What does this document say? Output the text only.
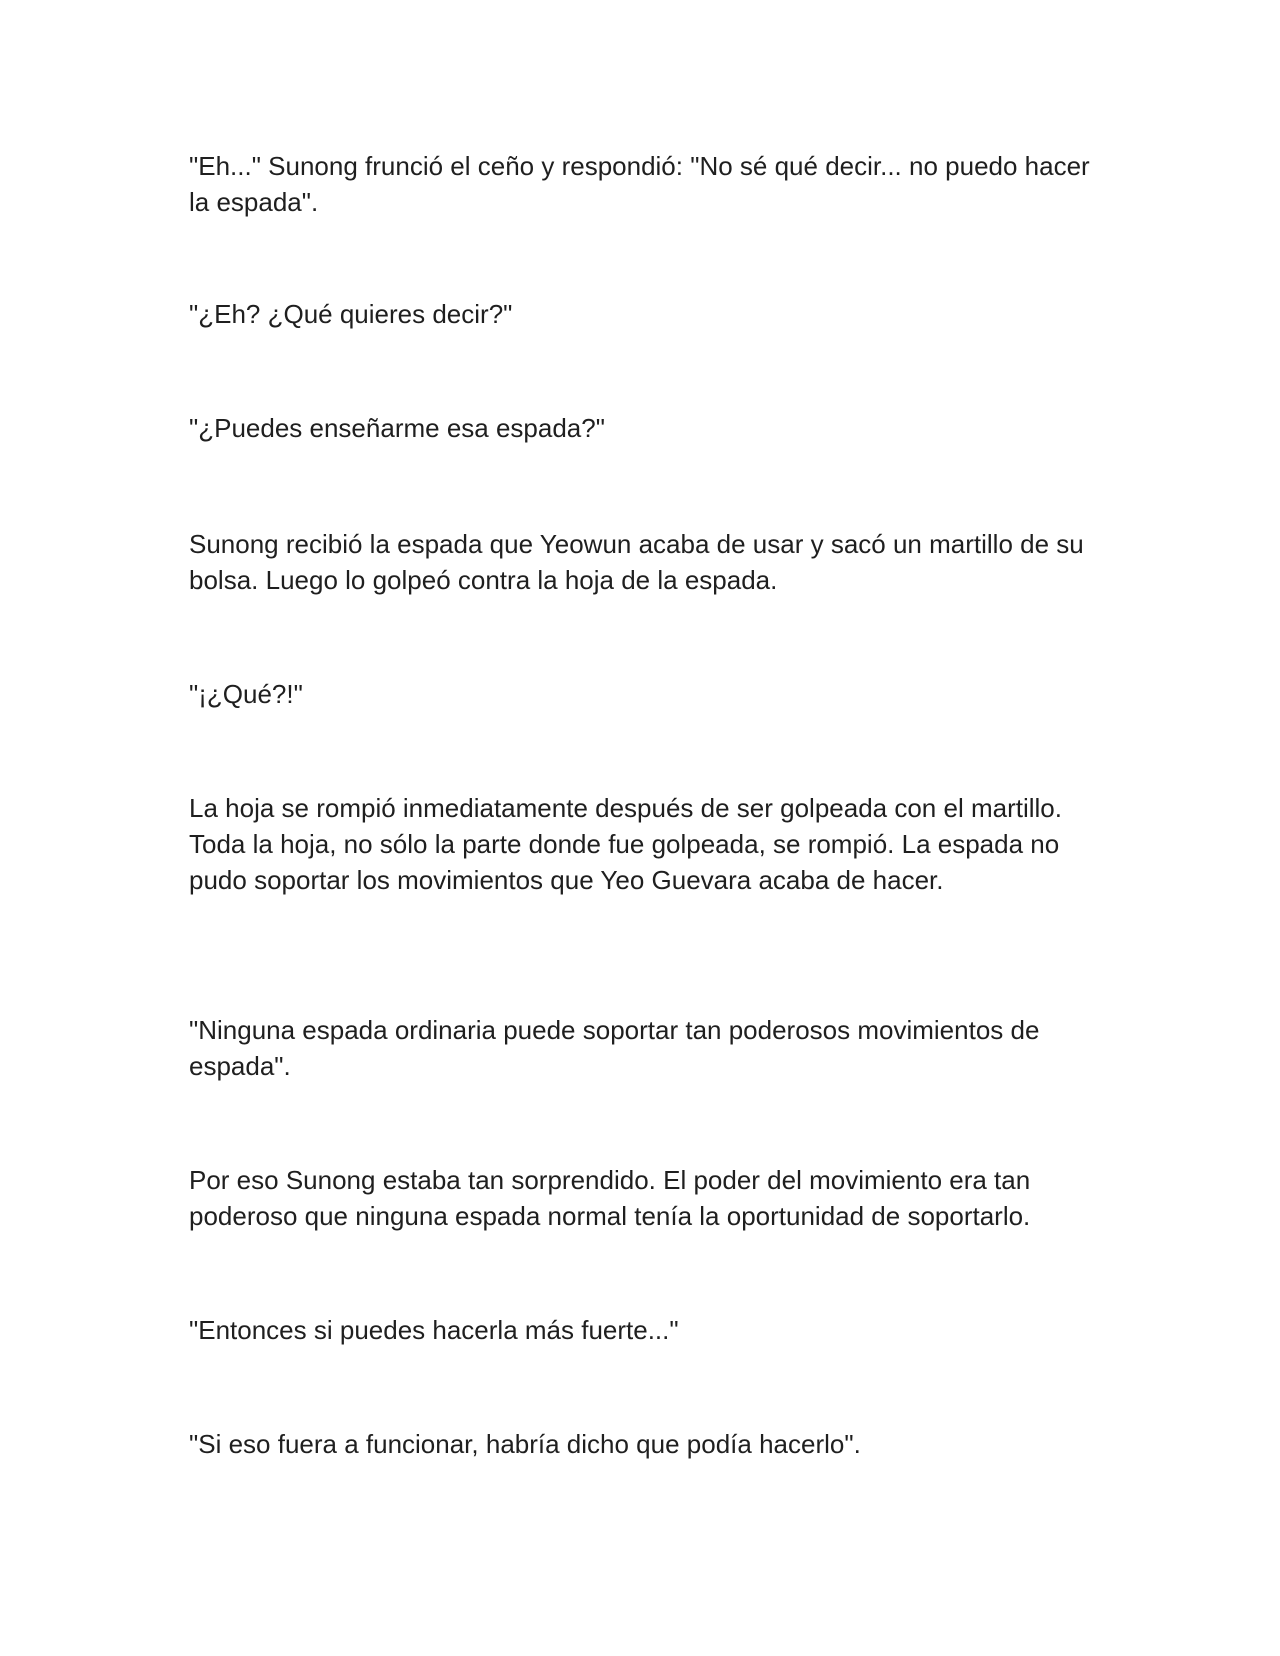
"Eh..." Sunong frunció el ceño y respondió: "No sé qué decir... no puedo hacer la espada".

"¿Eh? ¿Qué quieres decir?"

"¿Puedes enseñarme esa espada?"

Sunong recibió la espada que Yeowun acaba de usar y sacó un martillo de su bolsa. Luego lo golpeó contra la hoja de la espada.

"¡¿Qué?!"

La hoja se rompió inmediatamente después de ser golpeada con el martillo. Toda la hoja, no sólo la parte donde fue golpeada, se rompió. La espada no pudo soportar los movimientos que Yeo Guevara acaba de hacer.

"Ninguna espada ordinaria puede soportar tan poderosos movimientos de espada".

Por eso Sunong estaba tan sorprendido. El poder del movimiento era tan poderoso que ninguna espada normal tenía la oportunidad de soportarlo.

"Entonces si puedes hacerla más fuerte..."

"Si eso fuera a funcionar, habría dicho que podía hacerlo".
